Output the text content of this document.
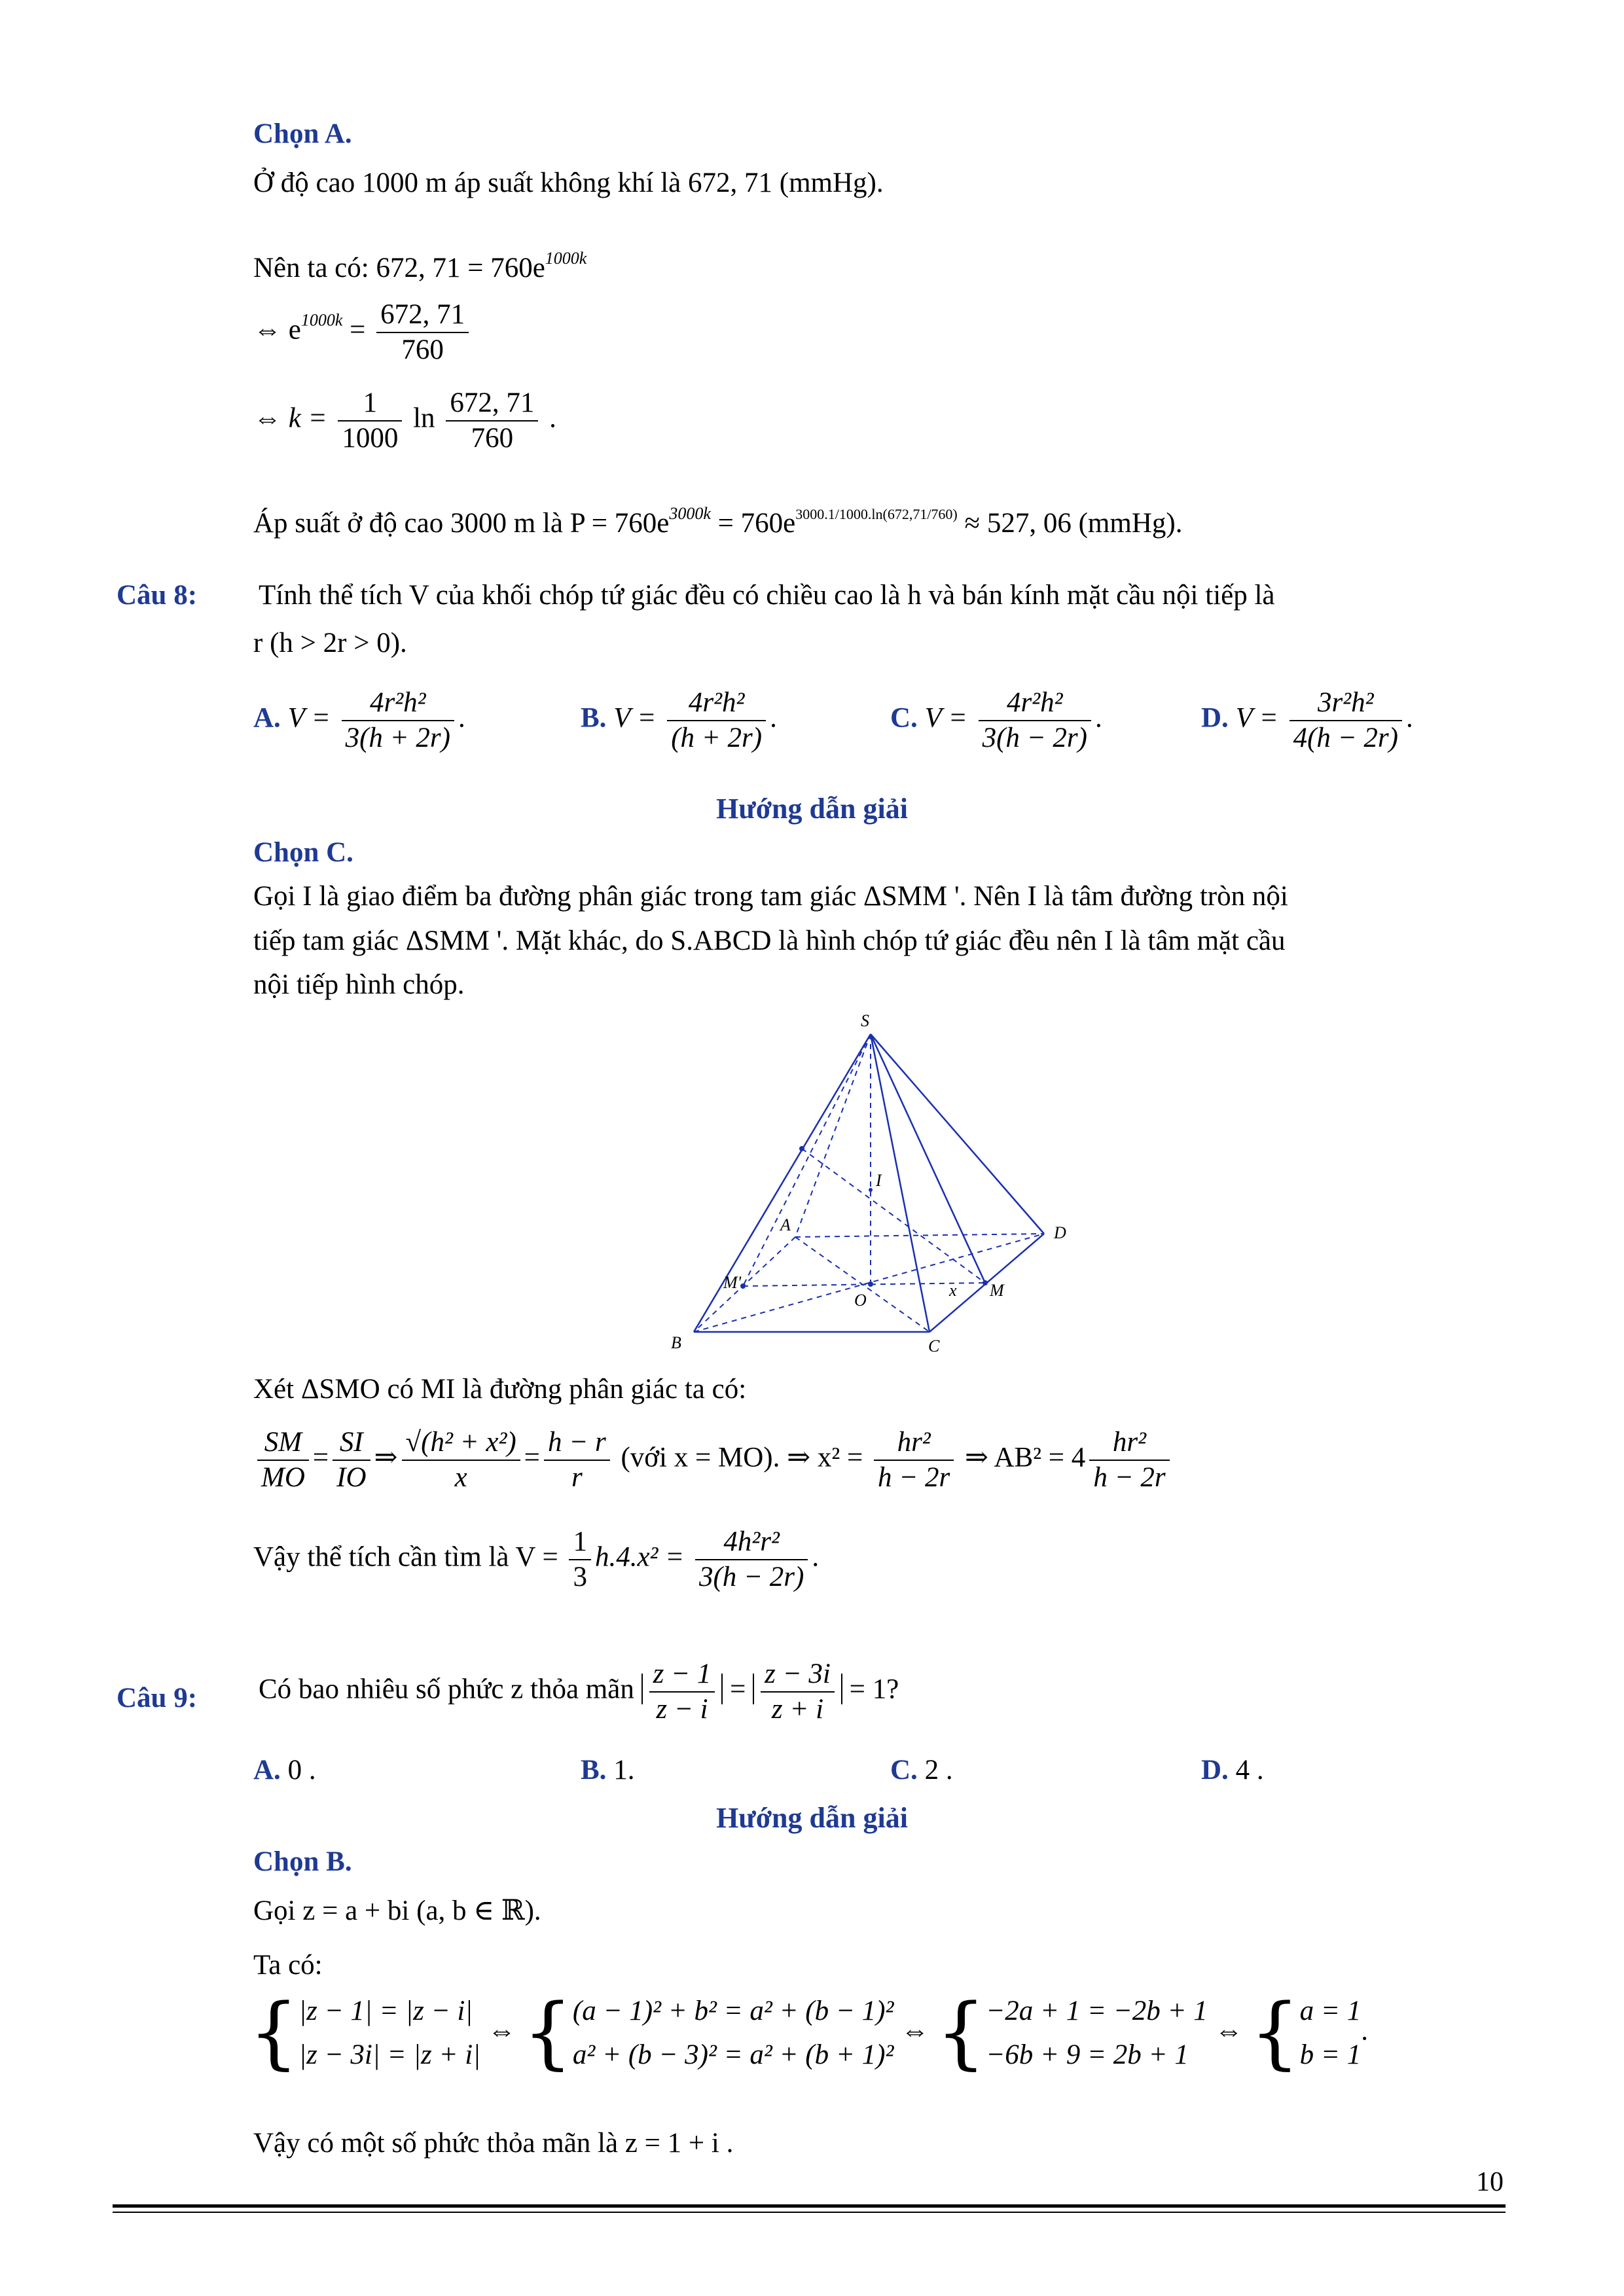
Chọn A.
Ở độ cao 1000 m áp suất không khí là 672, 71 (mmHg).
Nên ta có: 672, $71 = 760e^{1000k}$
⇔ $e^{1000k} = \frac{672, 71}{760}$
⇔ $k = \frac{1}{1000}$ $\ln \frac{672, 71}{760}$ .
Áp suất ở độ cao 3000 m là $P = 760e^{3000k} = 760e^{3000.1/1000.ln(672,71/760)} \approx 527$, 06 (mmHg).
Câu 8: Tính thể tích V của khối chóp tứ giác đều có chiều cao là h và bán kính mặt cầu nội tiếp là
r (h > 2r > 0).
A. $V = \frac{\text{4r²h²}}{3(h + 2r)}$ .	B. $V = \frac{\text{4r²h²}}{(h + 2r)}$ .	C. $V = \frac{\text{4r²h²}}{3(h - 2r)}$ .	D. $V = \frac{\text{3r²h²}}{4(h - 2r)}$ .
Hướng dẫn giải
Chọn C.
Gọi I là giao điểm ba đường phân giác trong tam giác ΔSMM '. Nên I là tâm đường tròn nội
tiếp tam giác ΔSMM '. Mặt khác, do S.ABCD là hình chóp tứ giác đều nên I là tâm mặt cầu
nội tiếp hình chóp.
S
I
A	D
M'
O
x M
B	C
Xét ΔSMO có MI là đường phân giác ta có:
$\frac{SM}{MO} = \frac{SI}{IO}$ ⇒ $\frac{\text{√(h² + x²)}}{x} = \frac{h - r}{r}$ (với x = MO). ⇒ $x^2 = \frac{\text{hr²}}{h - 2r}$ ⇒ $AB^2 = 4 \frac{\text{hr²}}{h - 2r}$
Vậy thể tích cần tìm là $V = \frac{1}{3} h.4.x^2 = \frac{\text{4h²r²}}{3(h - 2r)}$ .
Câu 9: Có bao nhiêu số phức z thỏa mãn $\frac{z - 1}{z - i} = \frac{z - 3i}{z + i} = 1$?
A. 0 .	B. 1.	C. 2 .	D. 4 .
Hướng dẫn giải
Chọn B.
Gọi z = a + bi (a, b ∈ ℝ).
Ta có:
{ |z − 1| = |z − i|
|z − 3i| = |z + i|
⇔ { (a − 1)² + b² = a² + (b − 1)²
a² + (b − 3)² = a² + (b + 1)²
⇔ { −2a + 1 = −2b + 1
−6b + 9 = 2b + 1
⇔ { a = 1
b = 1
.
Vậy có một số phức thỏa mãn là z = 1 + i .
10
